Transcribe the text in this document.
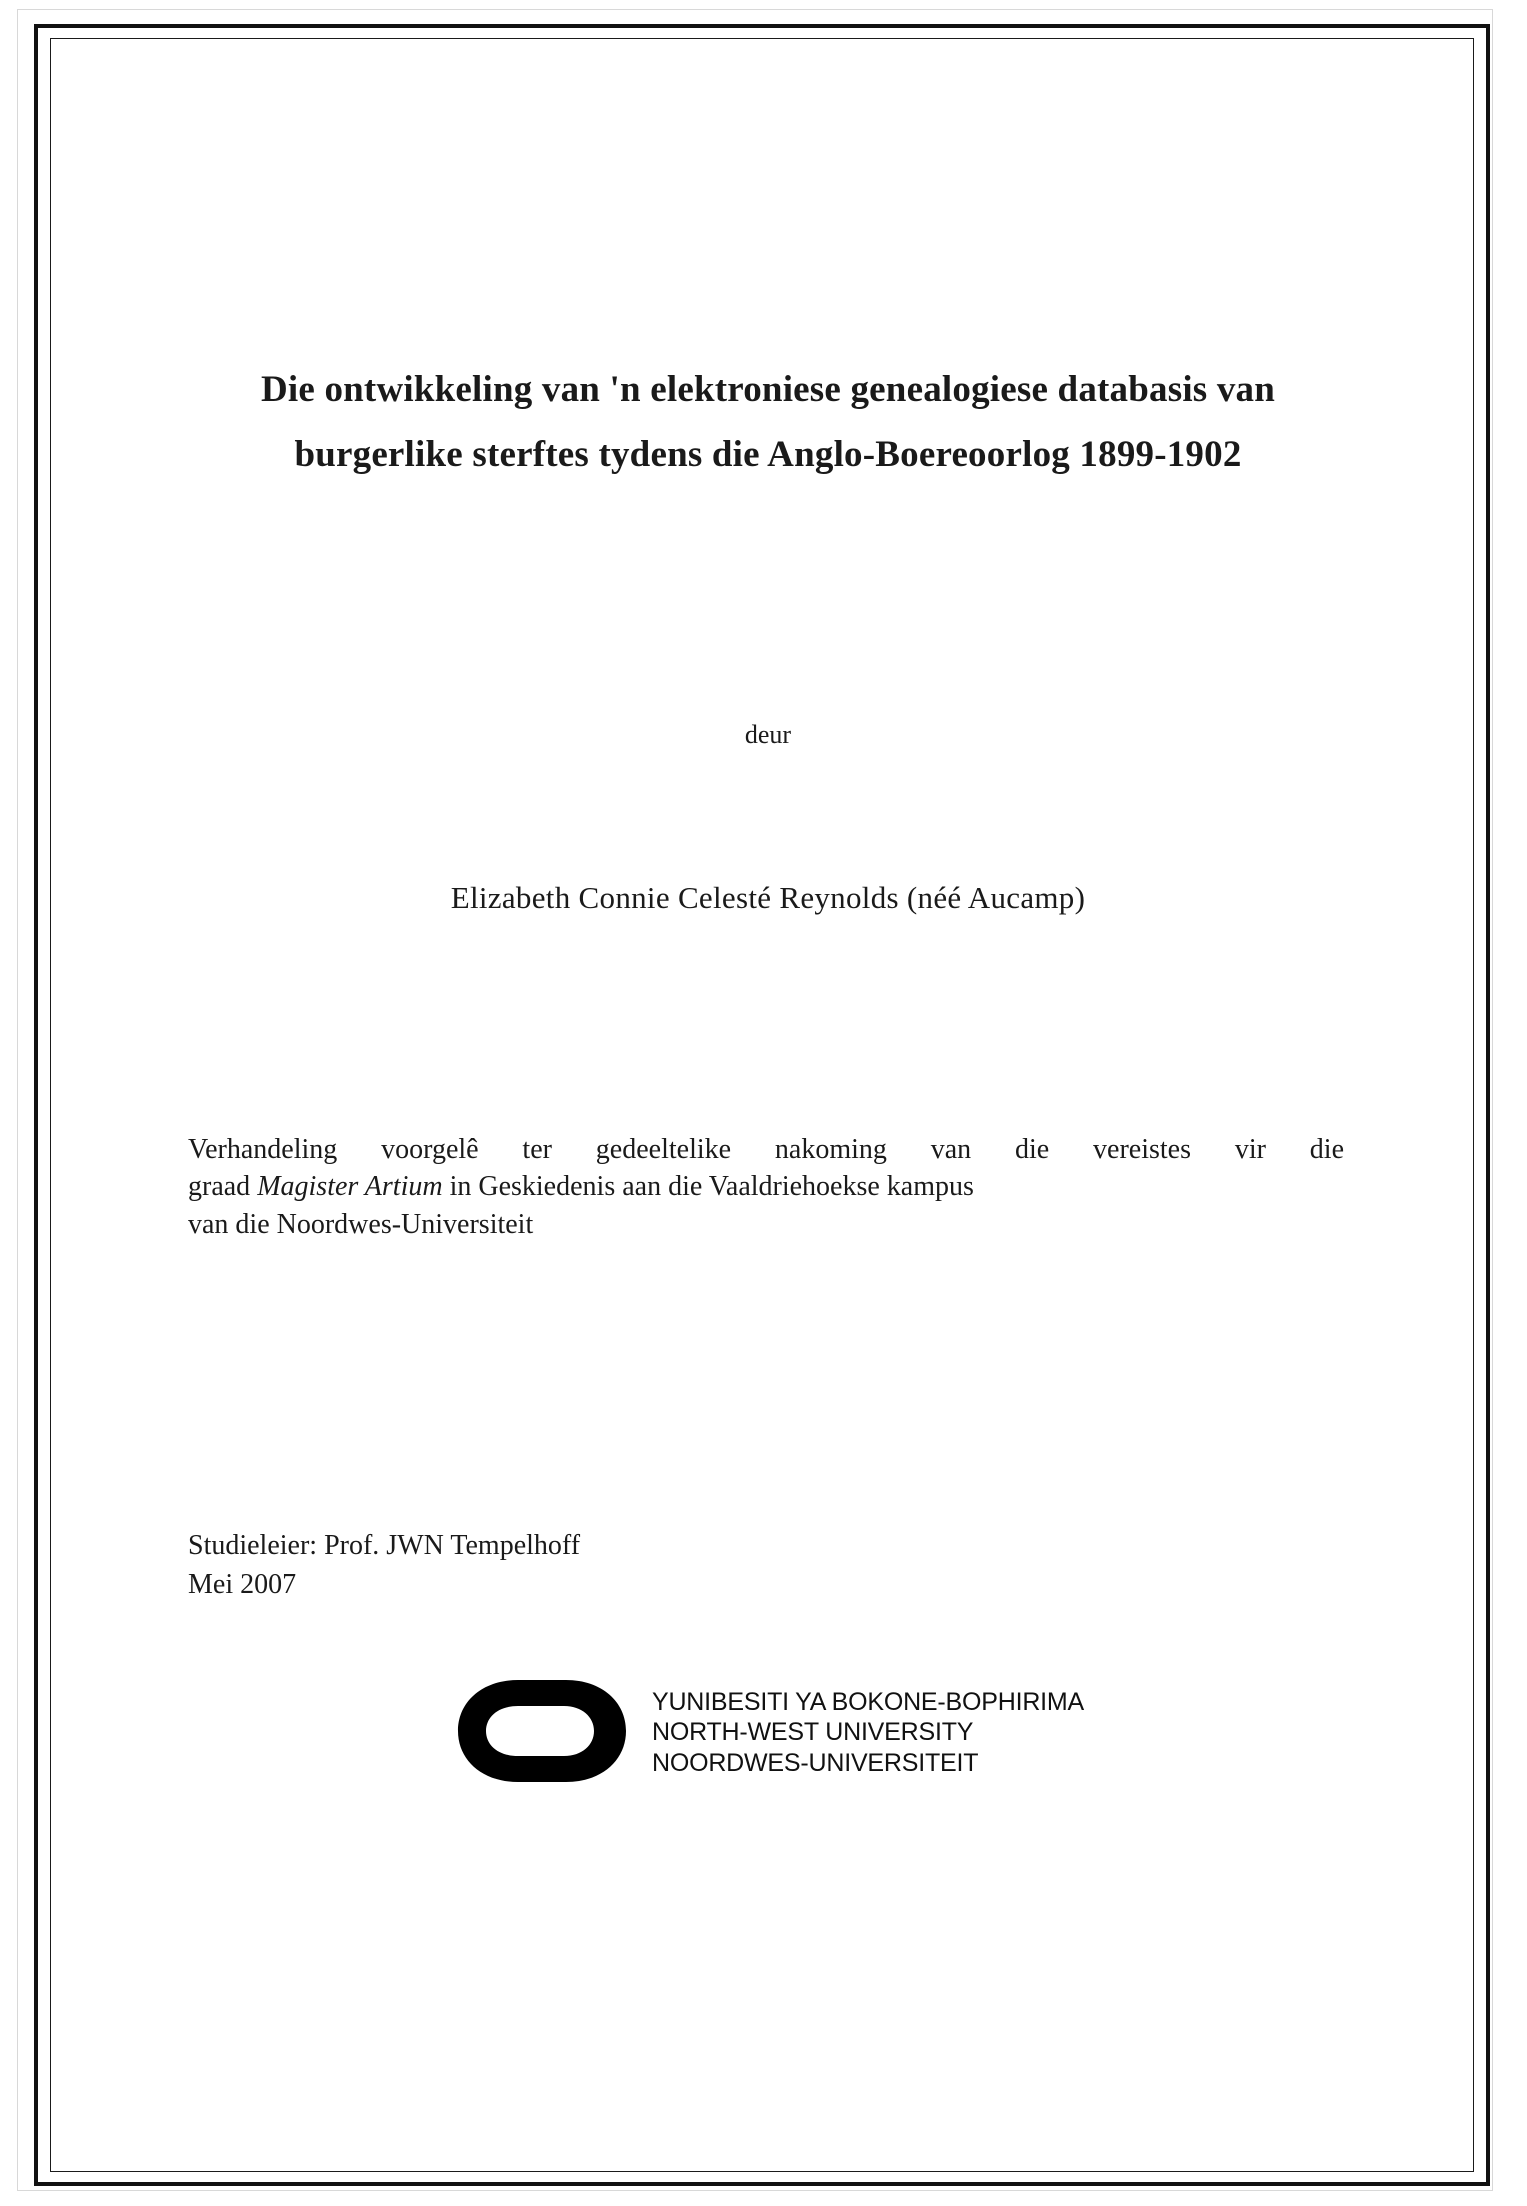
Die ontwikkeling van 'n elektroniese genealogiese databasis van
burgerlike sterftes tydens die Anglo-Boereoorlog 1899-1902
deur
Elizabeth Connie Celesté Reynolds (néé Aucamp)
Verhandeling voorgelê ter gedeeltelike nakoming van die vereistes vir die
graad Magister Artium in Geskiedenis aan die Vaaldriehoekse kampus
van die Noordwes-Universiteit
Studieleier: Prof. JWN Tempelhoff
Mei 2007
YUNIBESITI YA BOKONE-BOPHIRIMA
NORTH-WEST UNIVERSITY
NOORDWES-UNIVERSITEIT
